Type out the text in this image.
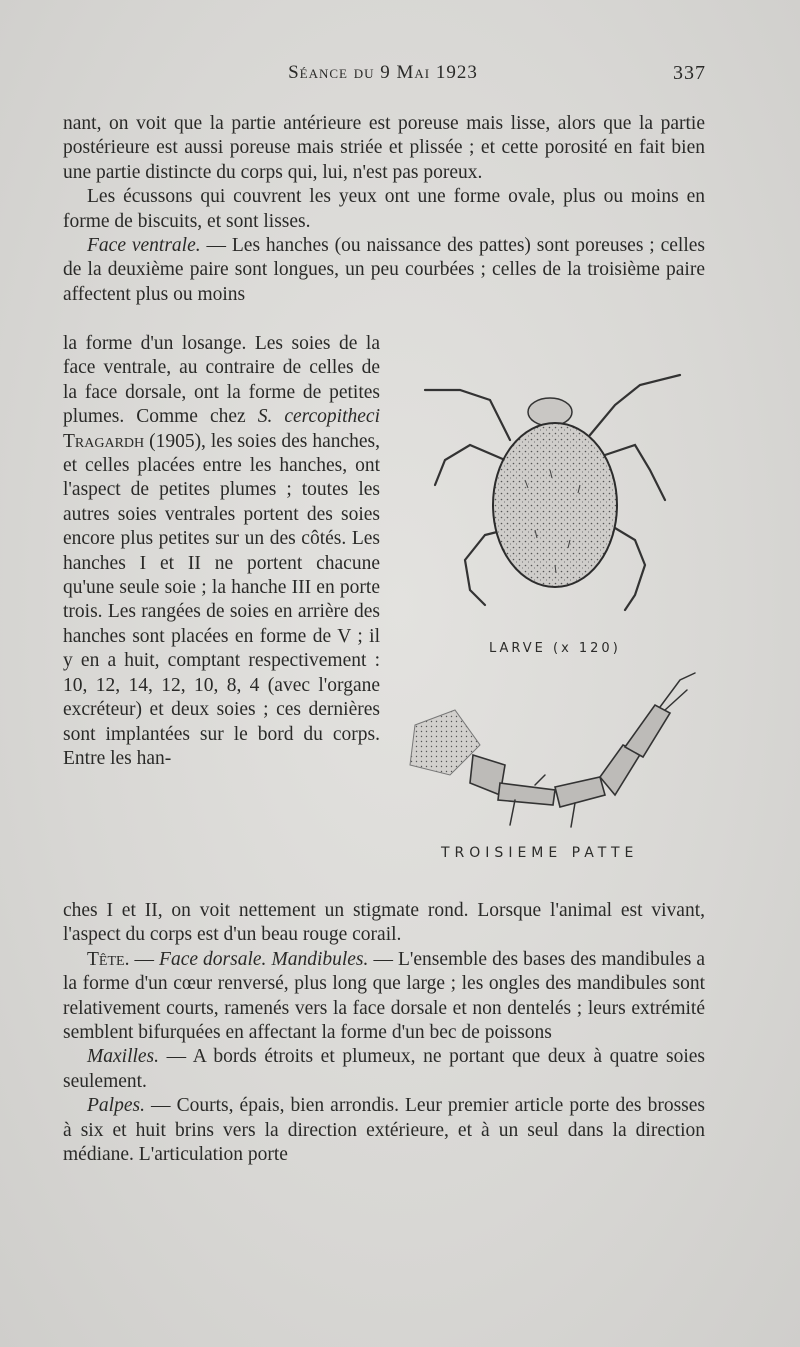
Séance du 9 Mai 1923	337

nant, on voit que la partie antérieure est poreuse mais lisse, alors que la partie postérieure est aussi poreuse mais striée et plissée ; et cette porosité en fait bien une partie distincte du corps qui, lui, n'est pas poreux.

Les écussons qui couvrent les yeux ont une forme ovale, plus ou moins en forme de biscuits, et sont lisses.

Face ventrale. — Les hanches (ou naissance des pattes) sont poreuses ; celles de la deuxième paire sont longues, un peu courbées ; celles de la troisième paire affectent plus ou moins

la forme d'un losange. Les soies de la face ventrale, au contraire de celles de la face dorsale, ont la forme de petites plumes. Comme chez S. cercopitheci Tragardh (1905), les soies des hanches, et celles placées entre les hanches, ont l'aspect de petites plumes ; toutes les autres soies ventrales portent des soies encore plus petites sur un des côtés. Les hanches I et II ne portent chacune qu'une seule soie ; la hanche III en porte trois. Les rangées de soies en arrière des hanches sont placées en forme de V ; il y en a huit, comptant respectivement : 10, 12, 14, 12, 10, 8, 4 (avec l'organe excréteur) et deux soies ; ces dernières sont implantées sur le bord du corps. Entre les han-

LARVE (x 120)
TROISIEME PATTE

ches I et II, on voit nettement un stigmate rond. Lorsque l'animal est vivant, l'aspect du corps est d'un beau rouge corail.

Tête. — Face dorsale. Mandibules. — L'ensemble des bases des mandibules a la forme d'un cœur renversé, plus long que large ; les ongles des mandibules sont relativement courts, ramenés vers la face dorsale et non dentelés ; leurs extrémité semblent bifurquées en affectant la forme d'un bec de poissons

Maxilles. — A bords étroits et plumeux, ne portant que deux à quatre soies seulement.

Palpes. — Courts, épais, bien arrondis. Leur premier article porte des brosses à six et huit brins vers la direction extérieure, et à un seul dans la direction médiane. L'articulation porte
